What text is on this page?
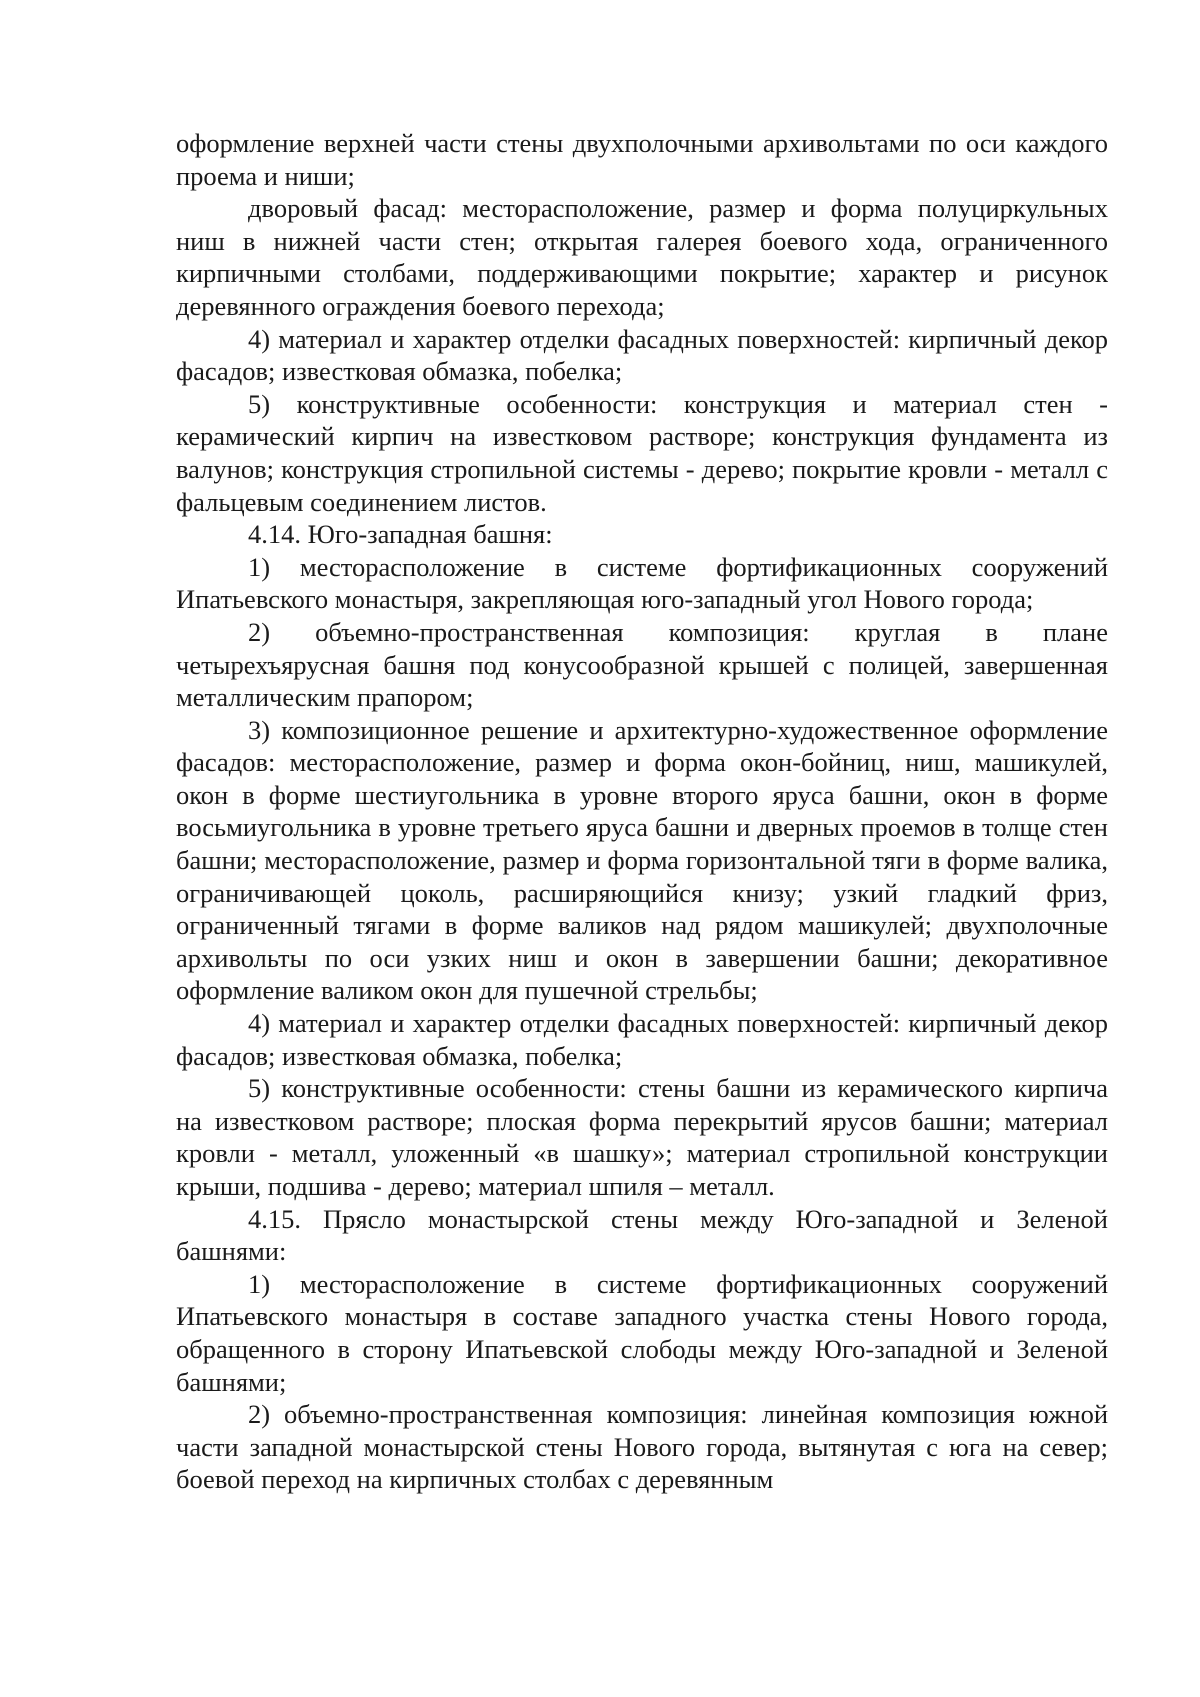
оформление верхней части стены двухполочными архивольтами по оси каждого проема и ниши;

дворовый фасад: месторасположение, размер и форма полуциркульных ниш в нижней части стен; открытая галерея боевого хода, ограниченного кирпичными столбами, поддерживающими покрытие; характер и рисунок деревянного ограждения боевого перехода;

4) материал и характер отделки фасадных поверхностей: кирпичный декор фасадов; известковая обмазка, побелка;

5) конструктивные особенности: конструкция и материал стен - керамический кирпич на известковом растворе; конструкция фундамента из валунов; конструкция стропильной системы - дерево; покрытие кровли - металл с фальцевым соединением листов.

4.14. Юго-западная башня:

1) месторасположение в системе фортификационных сооружений Ипатьевского монастыря, закрепляющая юго-западный угол Нового города;

2) объемно-пространственная композиция: круглая в плане четырехъярусная башня под конусообразной крышей с полицей, завершенная металлическим прапором;

3) композиционное решение и архитектурно-художественное оформление фасадов: месторасположение, размер и форма окон-бойниц, ниш, машикулей, окон в форме шестиугольника в уровне второго яруса башни, окон в форме восьмиугольника в уровне третьего яруса башни и дверных проемов в толще стен башни; месторасположение, размер и форма горизонтальной тяги в форме валика, ограничивающей цоколь, расширяющийся книзу; узкий гладкий фриз, ограниченный тягами в форме валиков над рядом машикулей; двухполочные архивольты по оси узких ниш и окон в завершении башни; декоративное оформление валиком окон для пушечной стрельбы;

4) материал и характер отделки фасадных поверхностей: кирпичный декор фасадов; известковая обмазка, побелка;

5) конструктивные особенности: стены башни из керамического кирпича на известковом растворе; плоская форма перекрытий ярусов башни; материал кровли - металл, уложенный «в шашку»; материал стропильной конструкции крыши, подшива - дерево; материал шпиля – металл.

4.15. Прясло монастырской стены между Юго-западной и Зеленой башнями:

1) месторасположение в системе фортификационных сооружений Ипатьевского монастыря в составе западного участка стены Нового города, обращенного в сторону Ипатьевской слободы между Юго-западной и Зеленой башнями;

2) объемно-пространственная композиция: линейная композиция южной части западной монастырской стены Нового города, вытянутая с юга на север; боевой переход на кирпичных столбах с деревянным
